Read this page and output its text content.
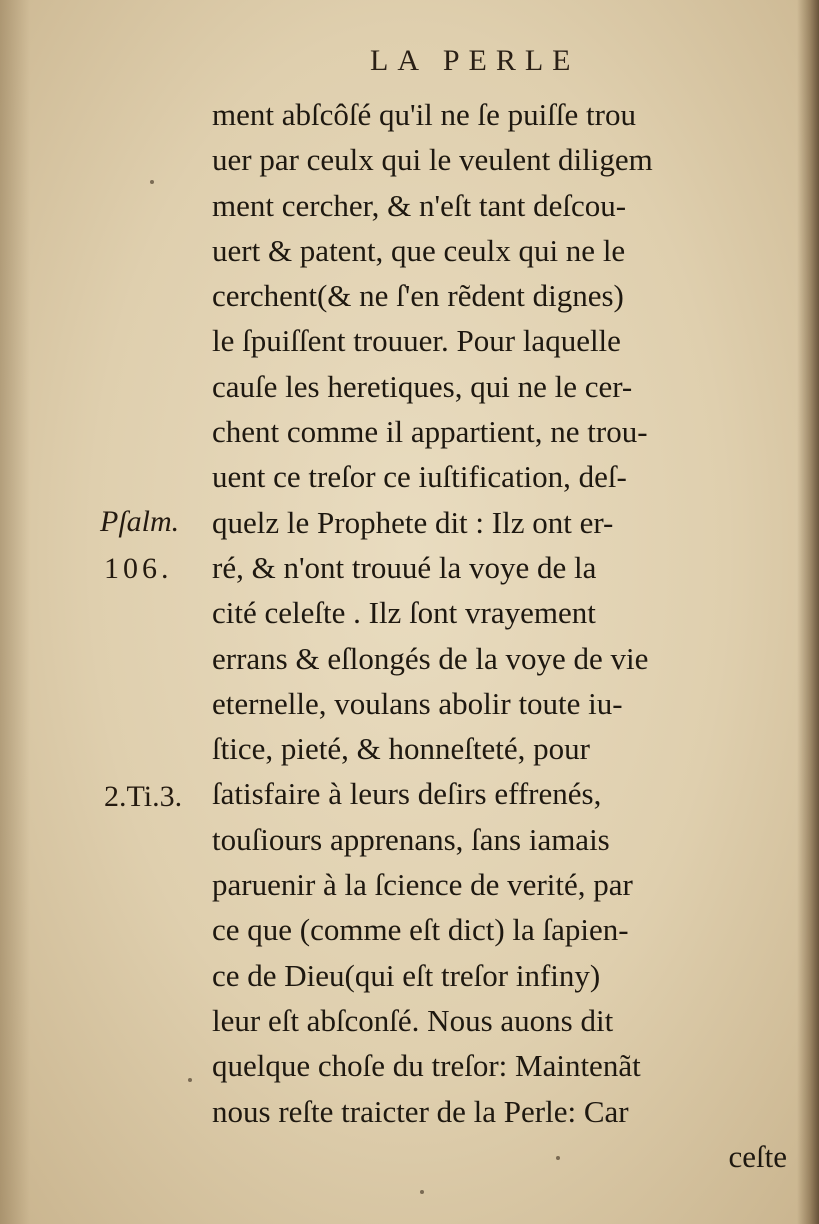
LA PERLE
Pſalm.
106.
2.Ti.3.
ment abſcôſé qu'il ne ſe puiſſe trou
uer par ceulx qui le veulent diligem
ment cercher, & n'eſt tant deſcou-
uert & patent, que ceulx qui ne le
cerchent(& ne ſ'en rẽdent dignes)
le ſpuiſſent trouuer. Pour laquelle
cauſe les heretiques, qui ne le cer-
chent comme il appartient, ne trou-
uent ce treſor ce iuſtification, deſ-
quelz le Prophete dit : Ilz ont er-
ré, & n'ont trouué la voye de la
cité celeſte . Ilz ſont vrayement
errans & eſlongés de la voye de vie
eternelle, voulans abolir toute iu-
ſtice, pieté, & honneſteté, pour
ſatisfaire à leurs deſirs effrenés,
touſiours apprenans, ſans iamais
paruenir à la ſcience de verité, par
ce que (comme eſt dict) la ſapien-
ce de Dieu(qui eſt treſor infiny)
leur eſt abſconſé. Nous auons dit
quelque choſe du treſor: Maintenãt
nous reſte traicter de la Perle: Car
ceſte
